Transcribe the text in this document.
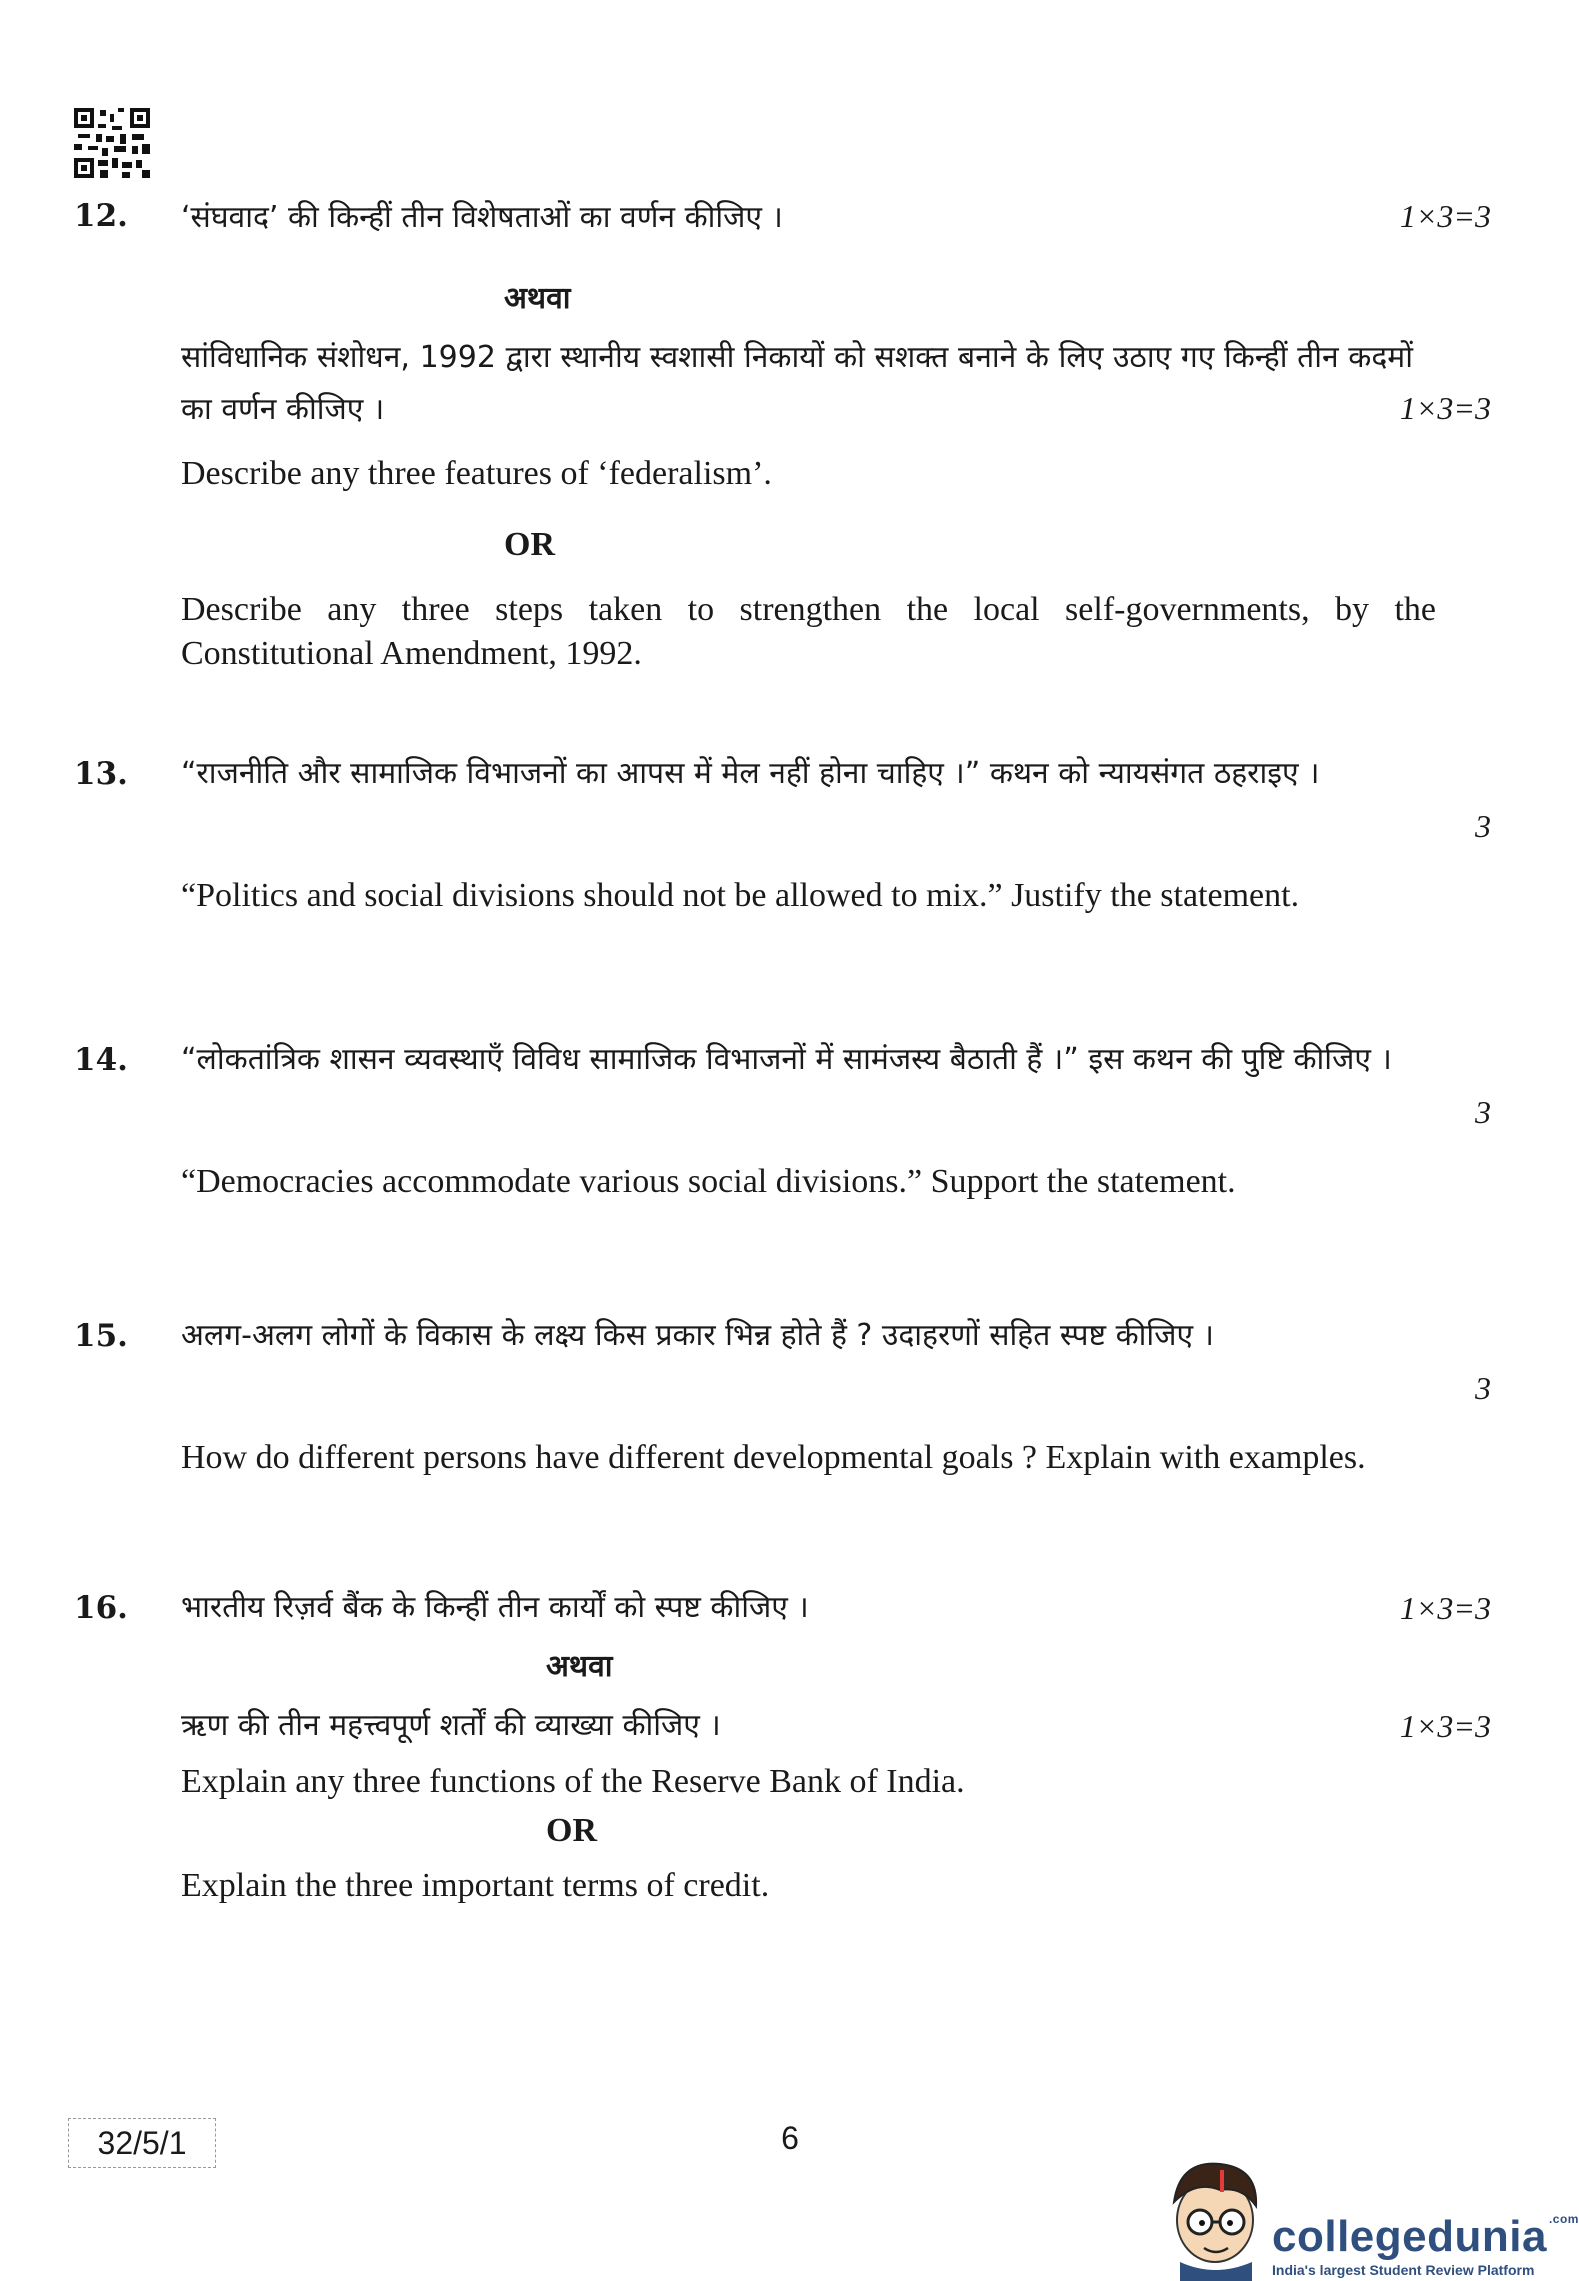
12. ‘संघवाद’ की किन्हीं तीन विशेषताओं का वर्णन कीजिए ।	1×3=3
अथवा
सांविधानिक संशोधन, 1992 द्वारा स्थानीय स्वशासी निकायों को सशक्त बनाने के लिए उठाए गए किन्हीं तीन कदमों का वर्णन कीजिए ।	1×3=3
Describe any three features of ‘federalism’.
OR
Describe any three steps taken to strengthen the local self-governments, by the Constitutional Amendment, 1992.
13. “राजनीति और सामाजिक विभाजनों का आपस में मेल नहीं होना चाहिए ।” कथन को न्यायसंगत ठहराइए ।
3
“Politics and social divisions should not be allowed to mix.” Justify the statement.
14. “लोकतांत्रिक शासन व्यवस्थाएँ विविध सामाजिक विभाजनों में सामंजस्य बैठाती हैं ।” इस कथन की पुष्टि कीजिए ।
3
“Democracies accommodate various social divisions.” Support the statement.
15. अलग-अलग लोगों के विकास के लक्ष्य किस प्रकार भिन्न होते हैं ? उदाहरणों सहित स्पष्ट कीजिए ।
3
How do different persons have different developmental goals ? Explain with examples.
16. भारतीय रिज़र्व बैंक के किन्हीं तीन कार्यों को स्पष्ट कीजिए ।	1×3=3
अथवा
ऋण की तीन महत्त्वपूर्ण शर्तों की व्याख्या कीजिए ।	1×3=3
Explain any three functions of the Reserve Bank of India.
OR
Explain the three important terms of credit.
32/5/1	6
collegedunia $^{.com}$
India's largest Student Review Platform
